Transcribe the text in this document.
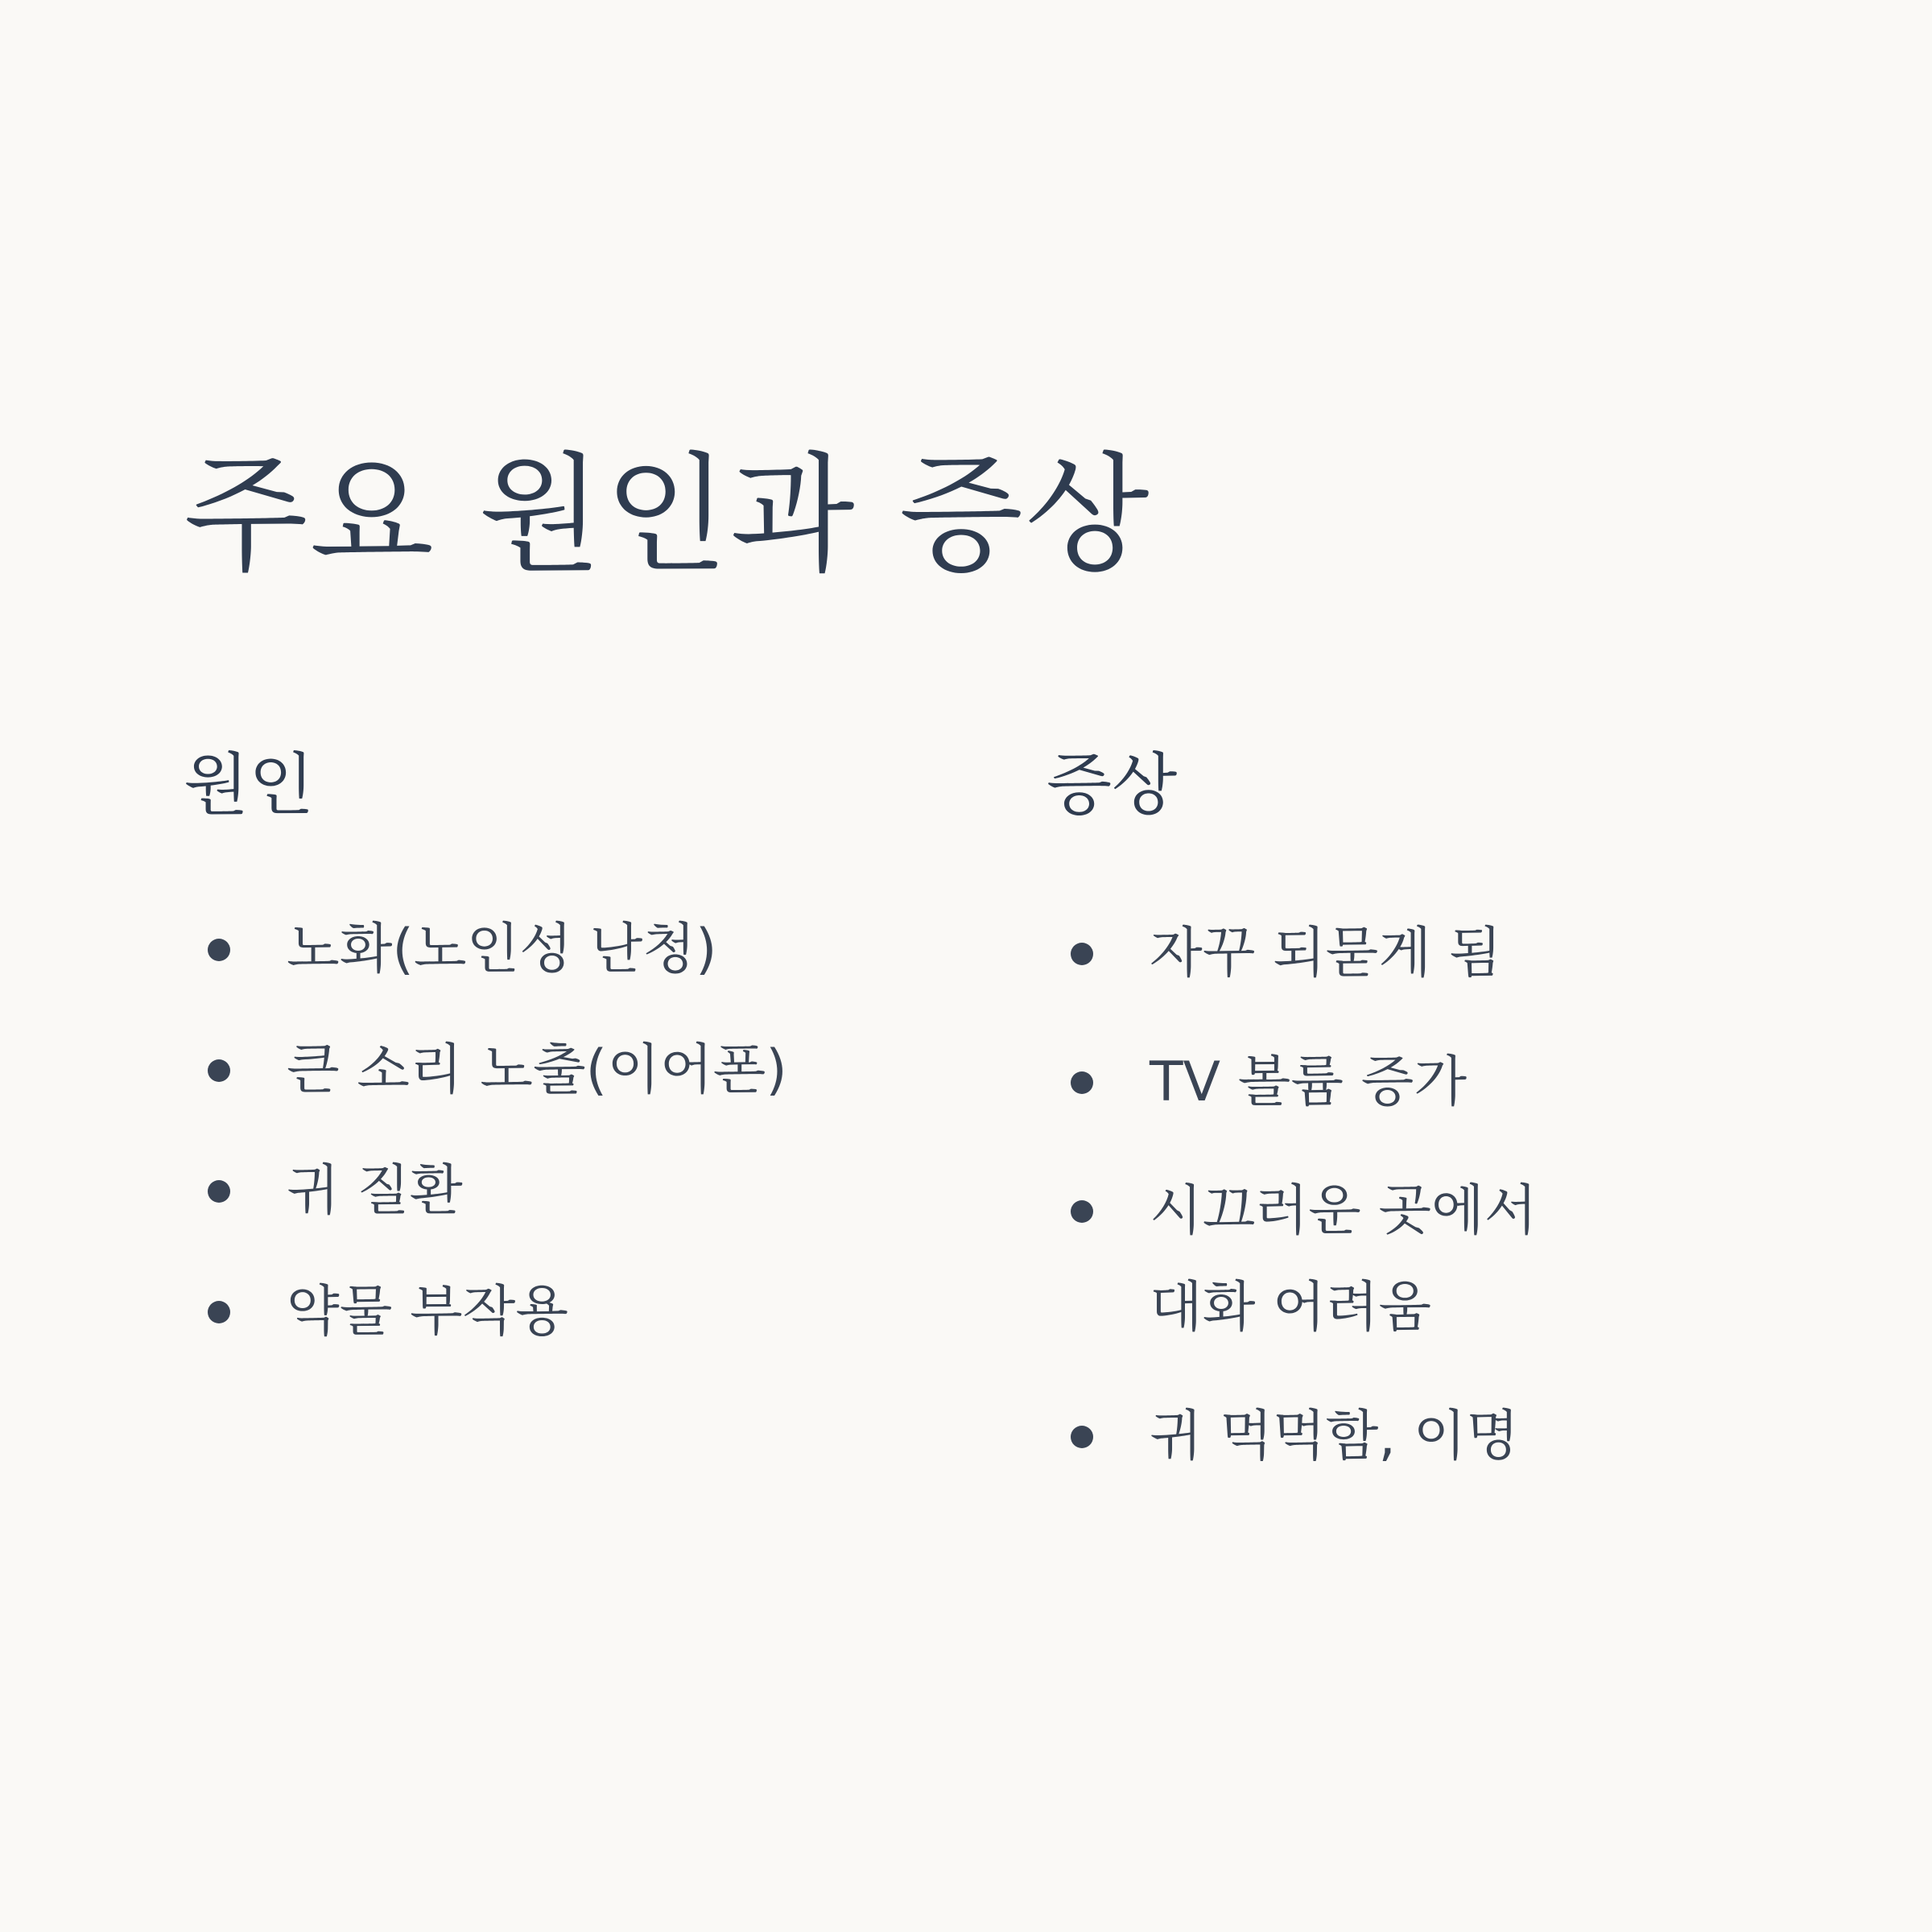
주요 원인과 증상
원인
노화(노인성 난청)
큰 소리 노출(이어폰)
귀 질환
약물 부작용
증상
자꾸 되묻게 됨
TV 볼륨 증가
시끄러운 곳에서 대화 어려움
귀 먹먹함, 이명
